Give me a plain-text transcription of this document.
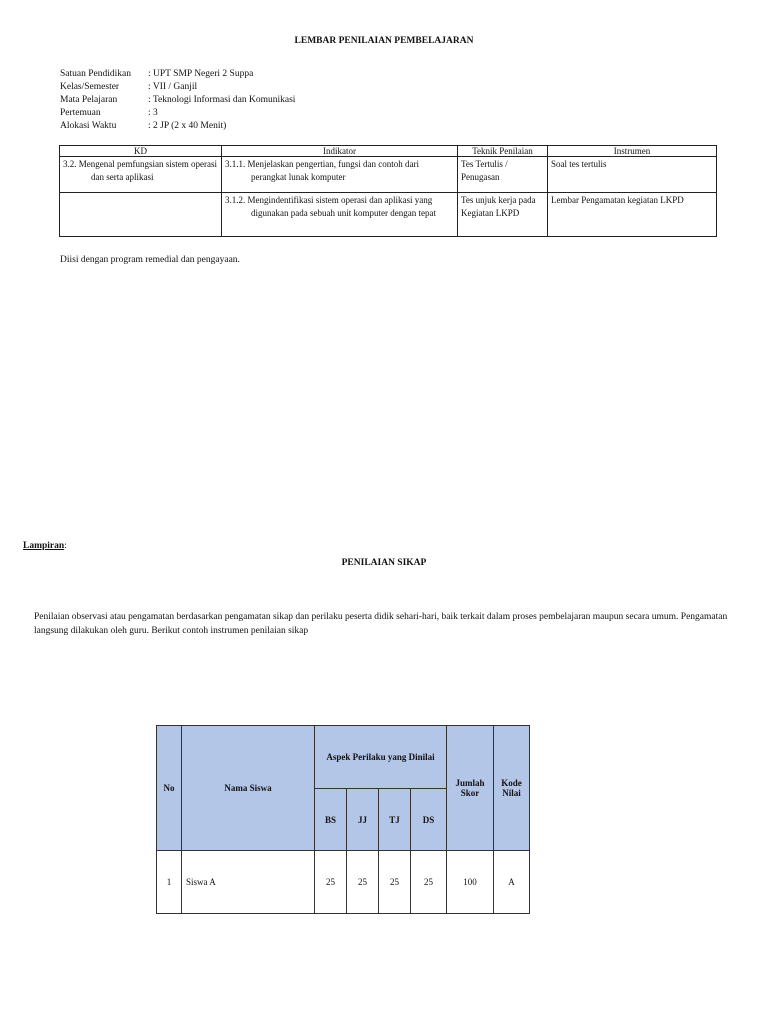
LEMBAR PENILAIAN PEMBELAJARAN
Satuan Pendidikan : UPT SMP Negeri 2 Suppa
Kelas/Semester	: VII / Ganjil
Mata Pelajaran	: Teknologi Informasi dan Komunikasi
Pertemuan	: 3
Alokasi Waktu	: 2 JP (2 x 40 Menit)
KD	Indikator	Teknik Penilaian	Instrumen

3.2. Mengenal pemfungsian sistem operasi dan serta aplikasi	3.1.1. Menjelaskan pengertian, fungsi dan contoh dari perangkat lunak komputer	Tes Tertulis / Penugasan	Soal tes tertulis

	3.1.2. Mengindentifikasi sistem operasi dan aplikasi yang digunakan pada sebuah unit komputer dengan tepat	Tes unjuk kerja pada Kegiatan LKPD	Lembar Pengamatan kegiatan LKPD
Diisi dengan program remedial dan pengayaan.
Lampiran:
PENILAIAN SIKAP
Penilaian observasi atau pengamatan berdasarkan pengamatan sikap dan perilaku peserta didik sehari-hari, baik terkait dalam proses pembelajaran maupun secara umum. Pengamatan langsung dilakukan oleh guru. Berikut contoh instrumen penilaian sikap
No	Nama Siswa	Aspek Perilaku yang Dinilai				Jumlah Skor	Kode Nilai
		BS	JJ	TJ	DS		
1	Siswa A	25	25	25	25	100	A
